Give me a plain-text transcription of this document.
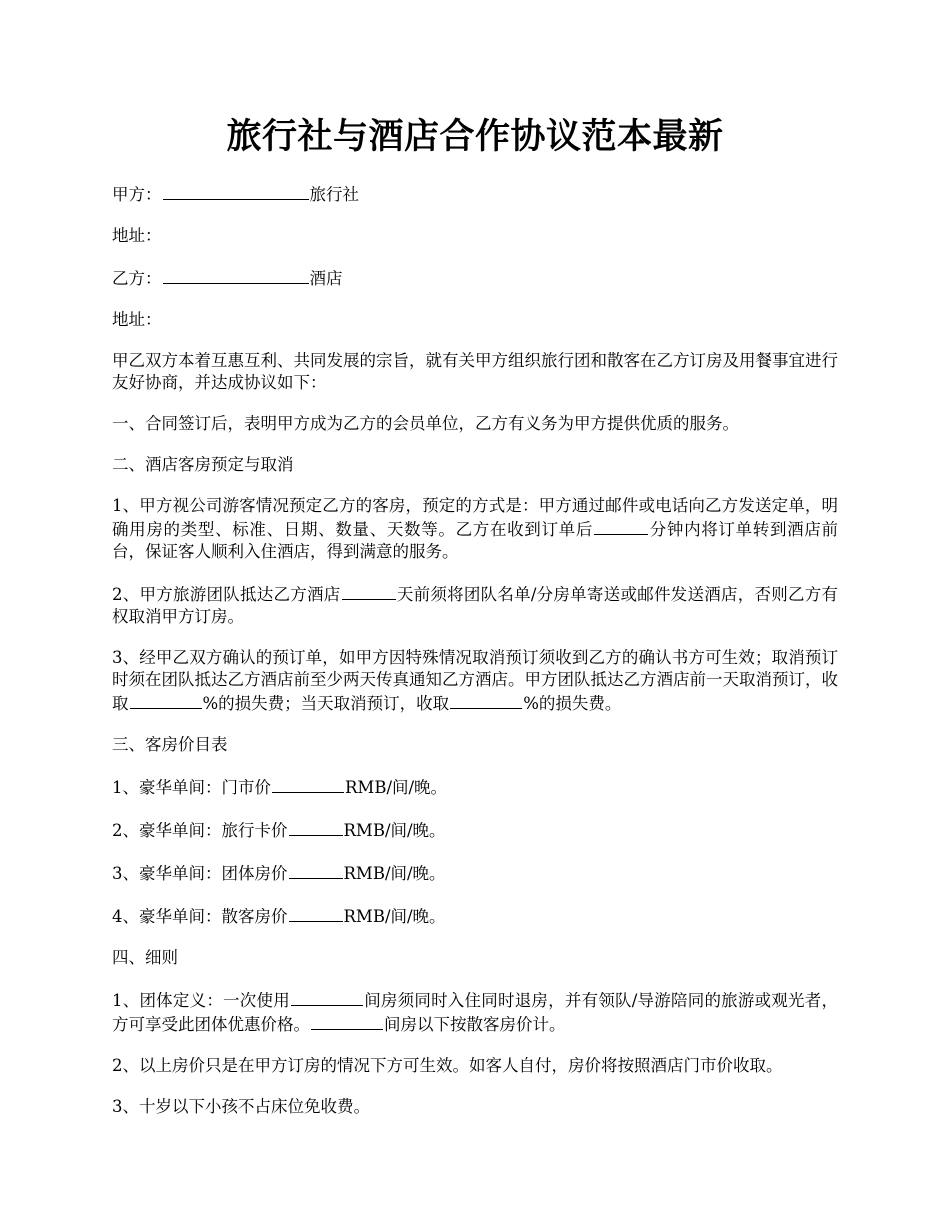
旅行社与酒店合作协议范本最新

甲方：	旅行社

地址：

乙方：	酒店

地址：

甲乙双方本着互惠互利、共同发展的宗旨，就有关甲方组织旅行团和散客在乙方订房及用餐事宜进行友好协商，并达成协议如下：

一、合同签订后，表明甲方成为乙方的会员单位，乙方有义务为甲方提供优质的服务。

二、酒店客房预定与取消

1、甲方视公司游客情况预定乙方的客房，预定的方式是：甲方通过邮件或电话向乙方发送定单，明确用房的类型、标准、日期、数量、天数等。乙方在收到订单后	分钟内将订单转到酒店前台，保证客人顺利入住酒店，得到满意的服务。

2、甲方旅游团队抵达乙方酒店	天前须将团队名单/分房单寄送或邮件发送酒店，否则乙方有权取消甲方订房。

3、经甲乙双方确认的预订单，如甲方因特殊情况取消预订须收到乙方的确认书方可生效；取消预订时须在团队抵达乙方酒店前至少两天传真通知乙方酒店。甲方团队抵达乙方酒店前一天取消预订，收取	%的损失费；当天取消预订，收取	%的损失费。

三、客房价目表

1、豪华单间：门市价	RMB/间/晚。

2、豪华单间：旅行卡价	RMB/间/晚。

3、豪华单间：团体房价	RMB/间/晚。

4、豪华单间：散客房价	RMB/间/晚。

四、细则

1、团体定义：一次使用	间房须同时入住同时退房，并有领队/导游陪同的旅游或观光者，方可享受此团体优惠价格。	间房以下按散客房价计。

2、以上房价只是在甲方订房的情况下方可生效。如客人自付，房价将按照酒店门市价收取。

3、十岁以下小孩不占床位免收费。
